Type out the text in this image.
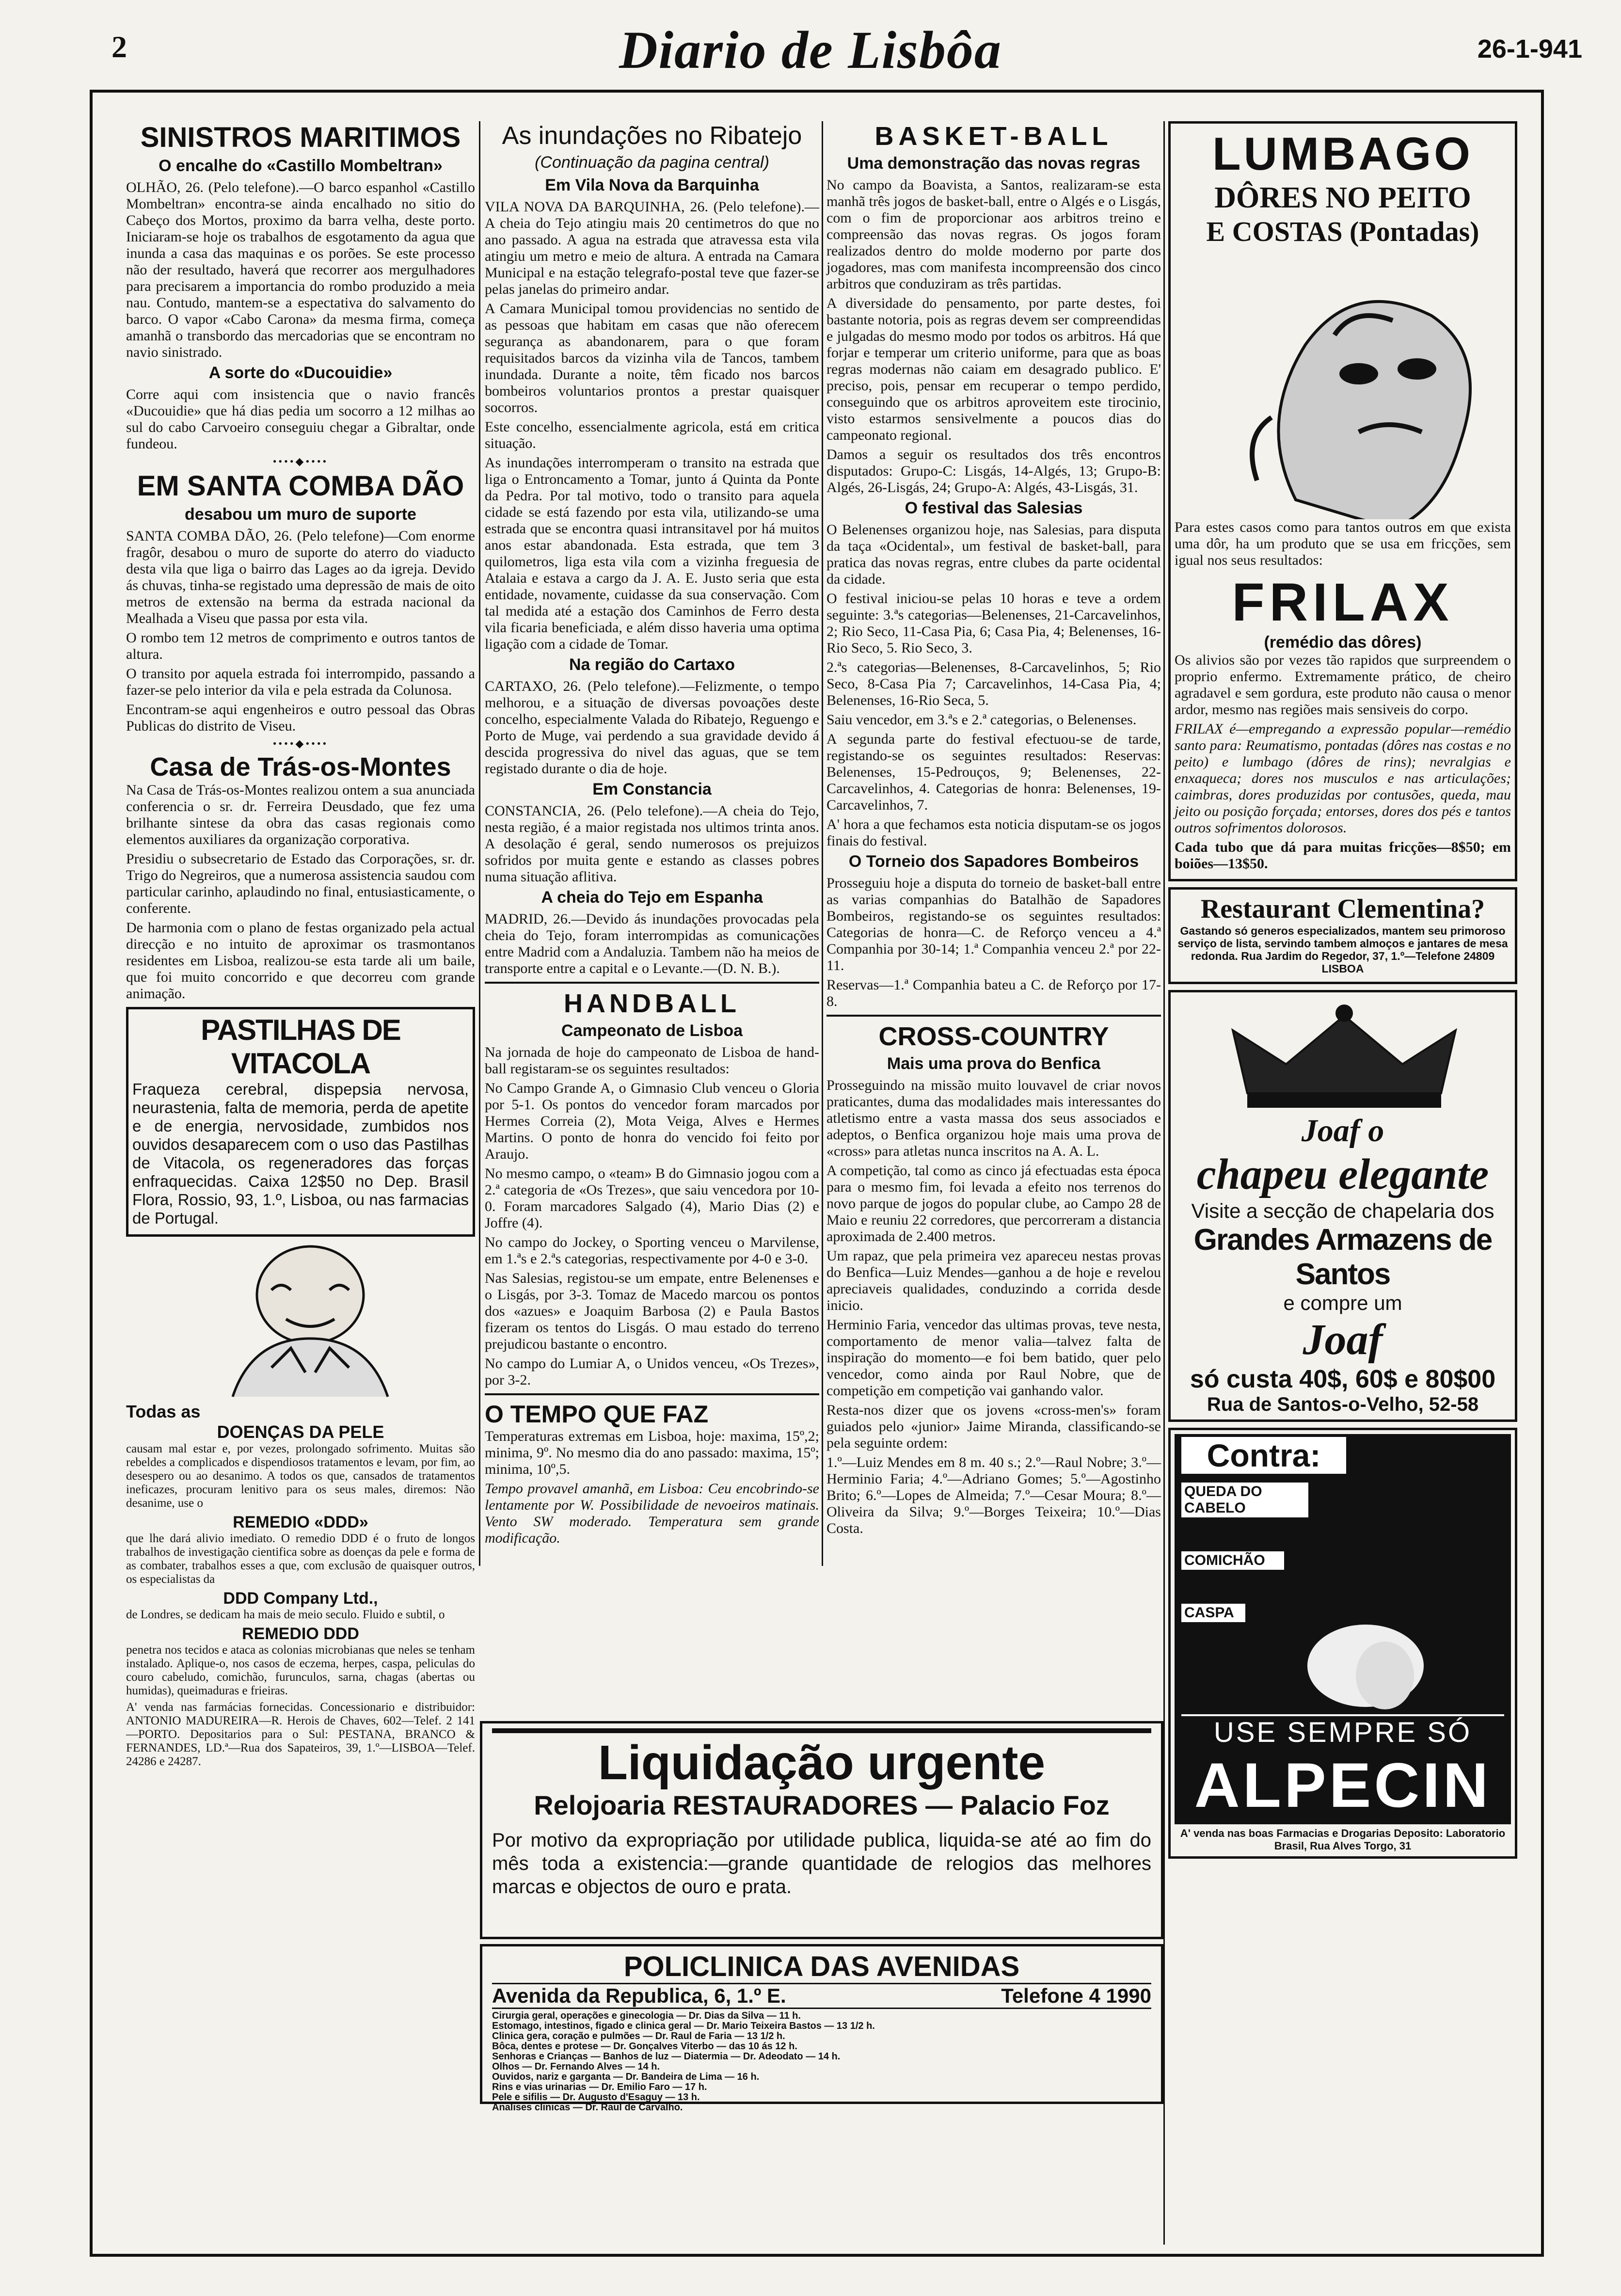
2	Diario de Lisbôa	26-1-941
SINISTROS MARITIMOS
O encalhe do «Castillo Mombeltran»

OLHÃO, 26. (Pelo telefone).—O barco espanhol «Castillo Mombeltran» encontra-se ainda encalhado no sitio do Cabeço dos Mortos, proximo da barra velha, deste porto. Iniciaram-se hoje os trabalhos de esgotamento da agua que inunda a casa das maquinas e os porões. Se este processo não der resultado, haverá que recorrer aos mergulhadores para precisarem a importancia do rombo produzido a meia nau. Contudo, mantem-se a espectativa do salvamento do barco. O vapor «Cabo Carona» da mesma firma, começa amanhã o transbordo das mercadorias que se encontram no navio sinistrado.

A sorte do «Ducouidie»

Corre aqui com insistencia que o navio francês «Ducouidie» que há dias pedia um socorro a 12 milhas ao sul do cabo Carvoeiro conseguiu chegar a Gibraltar, onde fundeou.

••••◆••••
EM SANTA COMBA DÃO
desabou um muro de suporte

SANTA COMBA DÃO, 26. (Pelo telefone)—Com enorme fragôr, desabou o muro de suporte do aterro do viaducto desta vila que liga o bairro das Lages ao da igreja. Devido ás chuvas, tinha-se registado uma depressão de mais de oito metros de extensão na berma da estrada nacional da Mealhada a Viseu que passa por esta vila.

O rombo tem 12 metros de comprimento e outros tantos de altura.

O transito por aquela estrada foi interrompido, passando a fazer-se pelo interior da vila e pela estrada da Colunosa.

Encontram-se aqui engenheiros e outro pessoal das Obras Publicas do distrito de Viseu.

••••◆••••
Casa de Trás-os-Montes

Na Casa de Trás-os-Montes realizou ontem a sua anunciada conferencia o sr. dr. Ferreira Deusdado, que fez uma brilhante sintese da obra das casas regionais como elementos auxiliares da organização corporativa.

Presidiu o subsecretario de Estado das Corporações, sr. dr. Trigo do Negreiros, que a numerosa assistencia saudou com particular carinho, aplaudindo no final, entusiasticamente, o conferente.

De harmonia com o plano de festas organizado pela actual direcção e no intuito de aproximar os trasmontanos residentes em Lisboa, realizou-se esta tarde ali um baile, que foi muito concorrido e que decorreu com grande animação.

PASTILHAS DE VITACOLA

Fraqueza cerebral, dispepsia nervosa, neurastenia, falta de memoria, perda de apetite e de energia, nervosidade, zumbidos nos ouvidos desaparecem com o uso das Pastilhas de Vitacola, os regeneradores das forças enfraquecidas. Caixa 12$50 no Dep. Brasil Flora, Rossio, 93, 1.º, Lisboa, ou nas farmacias de Portugal.

Todas as
DOENÇAS DA PELE

causam mal estar e, por vezes, prolongado sofrimento. Muitas são rebeldes a complicados e dispendiosos tratamentos e levam, por fim, ao desespero ou ao desanimo. A todos os que, cansados de tratamentos ineficazes, procuram lenitivo para os seus males, diremos: Não desanime, use o

REMEDIO «DDD»

que lhe dará alivio imediato. O remedio DDD é o fruto de longos trabalhos de investigação cientifica sobre as doenças da pele e forma de as combater, trabalhos esses a que, com exclusão de quaisquer outros, os especialistas da

DDD Company Ltd.,

de Londres, se dedicam ha mais de meio seculo. Fluido e subtil, o

REMEDIO DDD

penetra nos tecidos e ataca as colonias microbianas que neles se tenham instalado. Aplique-o, nos casos de eczema, herpes, caspa, peliculas do couro cabeludo, comichão, furunculos, sarna, chagas (abertas ou humidas), queimaduras e frieiras.

A' venda nas farmácias fornecidas. Concessionario e distribuidor: ANTONIO MADUREIRA—R. Herois de Chaves, 602—Telef. 2 141—PORTO. Depositarios para o Sul: PESTANA, BRANCO & FERNANDES, LD.ª—Rua dos Sapateiros, 39, 1.º—LISBOA—Telef. 24286 e 24287.

As inundações no Ribatejo
(Continuação da pagina central)
Em Vila Nova da Barquinha

VILA NOVA DA BARQUINHA, 26. (Pelo telefone).—A cheia do Tejo atingiu mais 20 centimetros do que no ano passado. A agua na estrada que atravessa esta vila atingiu um metro e meio de altura. A entrada na Camara Municipal e na estação telegrafo-postal teve que fazer-se pelas janelas do primeiro andar.

A Camara Municipal tomou providencias no sentido de as pessoas que habitam em casas que não oferecem segurança as abandonarem, para o que foram requisitados barcos da vizinha vila de Tancos, tambem inundada. Durante a noite, têm ficado nos barcos bombeiros voluntarios prontos a prestar quaisquer socorros.

Este concelho, essencialmente agricola, está em critica situação.

As inundações interromperam o transito na estrada que liga o Entroncamento a Tomar, junto á Quinta da Ponte da Pedra. Por tal motivo, todo o transito para aquela cidade se está fazendo por esta vila, utilizando-se uma estrada que se encontra quasi intransitavel por há muitos anos estar abandonada. Esta estrada, que tem 3 quilometros, liga esta vila com a vizinha freguesia de Atalaia e estava a cargo da J. A. E. Justo seria que esta entidade, novamente, cuidasse da sua conservação. Com tal medida até a estação dos Caminhos de Ferro desta vila ficaria beneficiada, e além disso haveria uma optima ligação com a cidade de Tomar.

Na região do Cartaxo

CARTAXO, 26. (Pelo telefone).—Felizmente, o tempo melhorou, e a situação de diversas povoações deste concelho, especialmente Valada do Ribatejo, Reguengo e Porto de Muge, vai perdendo a sua gravidade devido á descida progressiva do nivel das aguas, que se tem registado durante o dia de hoje.

Em Constancia

CONSTANCIA, 26. (Pelo telefone).—A cheia do Tejo, nesta região, é a maior registada nos ultimos trinta anos. A desolação é geral, sendo numerosos os prejuizos sofridos por muita gente e estando as classes pobres numa situação aflitiva.

A cheia do Tejo em Espanha

MADRID, 26.—Devido ás inundações provocadas pela cheia do Tejo, foram interrompidas as comunicações entre Madrid com a Andaluzia. Tambem não ha meios de transporte entre a capital e o Levante.—(D. N. B.).

HANDBALL
Campeonato de Lisboa

Na jornada de hoje do campeonato de Lisboa de hand-ball registaram-se os seguintes resultados:

No Campo Grande A, o Gimnasio Club venceu o Gloria por 5-1. Os pontos do vencedor foram marcados por Hermes Correia (2), Mota Veiga, Alves e Hermes Martins. O ponto de honra do vencido foi feito por Araujo.

No mesmo campo, o «team» B do Gimnasio jogou com a 2.ª categoria de «Os Trezes», que saiu vencedora por 10-0. Foram marcadores Salgado (4), Mario Dias (2) e Joffre (4).

No campo do Jockey, o Sporting venceu o Marvilense, em 1.ªs e 2.ªs categorias, respectivamente por 4-0 e 3-0.

Nas Salesias, registou-se um empate, entre Belenenses e o Lisgás, por 3-3. Tomaz de Macedo marcou os pontos dos «azues» e Joaquim Barbosa (2) e Paula Bastos fizeram os tentos do Lisgás. O mau estado do terreno prejudicou bastante o encontro.

No campo do Lumiar A, o Unidos venceu, «Os Trezes», por 3-2.

O TEMPO QUE FAZ

Temperaturas extremas em Lisboa, hoje: maxima, 15º,2; minima, 9º. No mesmo dia do ano passado: maxima, 15º; minima, 10º,5.

Tempo provavel amanhã, em Lisboa: Ceu encobrindo-se lentamente por W. Possibilidade de nevoeiros matinais. Vento SW moderado. Temperatura sem grande modificação.

BASKET-BALL
Uma demonstração das novas regras

No campo da Boavista, a Santos, realizaram-se esta manhã três jogos de basket-ball, entre o Algés e o Lisgás, com o fim de proporcionar aos arbitros treino e compreensão das novas regras. Os jogos foram realizados dentro do molde moderno por parte dos jogadores, mas com manifesta incompreensão dos cinco arbitros que conduziram as três partidas.

A diversidade do pensamento, por parte destes, foi bastante notoria, pois as regras devem ser compreendidas e julgadas do mesmo modo por todos os arbitros. Há que forjar e temperar um criterio uniforme, para que as boas regras modernas não caiam em desagrado publico. E' preciso, pois, pensar em recuperar o tempo perdido, conseguindo que os arbitros aproveitem este tirocinio, visto estarmos sensivelmente a poucos dias do campeonato regional.

Damos a seguir os resultados dos três encontros disputados: Grupo-C: Lisgás, 14-Algés, 13; Grupo-B: Algés, 26-Lisgás, 24; Grupo-A: Algés, 43-Lisgás, 31.

O festival das Salesias

O Belenenses organizou hoje, nas Salesias, para disputa da taça «Ocidental», um festival de basket-ball, para pratica das novas regras, entre clubes da parte ocidental da cidade.

O festival iniciou-se pelas 10 horas e teve a ordem seguinte: 3.ªs categorias—Belenenses, 21-Carcavelinhos, 2; Rio Seco, 11-Casa Pia, 6; Casa Pia, 4; Belenenses, 16-Rio Seco, 5. Rio Seco, 3.

2.ªs categorias—Belenenses, 8-Carcavelinhos, 5; Rio Seco, 8-Casa Pia 7; Carcavelinhos, 14-Casa Pia, 4; Belenenses, 16-Rio Seca, 5.

Saiu vencedor, em 3.ªs e 2.ª categorias, o Belenenses.

A segunda parte do festival efectuou-se de tarde, registando-se os seguintes resultados: Reservas: Belenenses, 15-Pedrouços, 9; Belenenses, 22-Carcavelinhos, 4. Categorias de honra: Belenenses, 19-Carcavelinhos, 7.

A' hora a que fechamos esta noticia disputam-se os jogos finais do festival.

O Torneio dos Sapadores Bombeiros

Prosseguiu hoje a disputa do torneio de basket-ball entre as varias companhias do Batalhão de Sapadores Bombeiros, registando-se os seguintes resultados: Categorias de honra—C. de Reforço venceu a 4.ª Companhia por 30-14; 1.ª Companhia venceu 2.ª por 22-11.

Reservas—1.ª Companhia bateu a C. de Reforço por 17-8.

CROSS-COUNTRY
Mais uma prova do Benfica

Prosseguindo na missão muito louvavel de criar novos praticantes, duma das modalidades mais interessantes do atletismo entre a vasta massa dos seus associados e adeptos, o Benfica organizou hoje mais uma prova de «cross» para atletas nunca inscritos na A. A. L.

A competição, tal como as cinco já efectuadas esta época para o mesmo fim, foi levada a efeito nos terrenos do novo parque de jogos do popular clube, ao Campo 28 de Maio e reuniu 22 corredores, que percorreram a distancia aproximada de 2.400 metros.

Um rapaz, que pela primeira vez apareceu nestas provas do Benfica—Luiz Mendes—ganhou a de hoje e revelou apreciaveis qualidades, conduzindo a corrida desde inicio.

Herminio Faria, vencedor das ultimas provas, teve nesta, comportamento de menor valia—talvez falta de inspiração do momento—e foi bem batido, quer pelo vencedor, como ainda por Raul Nobre, que de competição em competição vai ganhando valor.

Resta-nos dizer que os jovens «cross-men's» foram guiados pelo «junior» Jaime Miranda, classificando-se pela seguinte ordem:

1.º—Luiz Mendes em 8 m. 40 s.; 2.º—Raul Nobre; 3.º—Herminio Faria; 4.º—Adriano Gomes; 5.º—Agostinho Brito; 6.º—Lopes de Almeida; 7.º—Cesar Moura; 8.º—Oliveira da Silva; 9.º—Borges Teixeira; 10.º—Dias Costa.

Liquidação urgente
Relojoaria RESTAURADORES — Palacio Foz

Por motivo da expropriação por utilidade publica, liquida-se até ao fim do mês toda a existencia:—grande quantidade de relogios das melhores marcas e objectos de ouro e prata.

POLICLINICA DAS AVENIDAS
Avenida da Republica, 6, 1.º E.	Telefone 4 1990
Cirurgia geral, operações e ginecologia — Dr. Dias da Silva — 11 h.
Estomago, intestinos, figado e clinica geral — Dr. Mario Teixeira Bastos — 13 1/2 h.
Clinica gera, coração e pulmões — Dr. Raul de Faria — 13 1/2 h.
Bôca, dentes e protese — Dr. Gonçalves Viterbo — das 10 ás 12 h.
Senhoras e Crianças — Banhos de luz — Diatermia — Dr. Adeodato — 14 h.
Olhos — Dr. Fernando Alves — 14 h.
Ouvidos, nariz e garganta — Dr. Bandeira de Lima — 16 h.
Rins e vias urinarias — Dr. Emilio Faro — 17 h.
Pele e sifilis — Dr. Augusto d'Esaguy — 13 h.
Analises clinicas — Dr. Raul de Carvalho.
LUMBAGO
DÔRES NO PEITO
E COSTAS (Pontadas)

Para estes casos como para tantos outros em que exista uma dôr, ha um produto que se usa em fricções, sem igual nos seus resultados:

FRILAX
(remédio das dôres)

Os alivios são por vezes tão rapidos que surpreendem o proprio enfermo. Extremamente prático, de cheiro agradavel e sem gordura, este produto não causa o menor ardor, mesmo nas regiões mais sensiveis do corpo.

FRILAX é—empregando a expressão popular—remédio santo para: Reumatismo, pontadas (dôres nas costas e no peito) e lumbago (dôres de rins); nevralgias e enxaqueca; dores nos musculos e nas articulações; caimbras, dores produzidas por contusões, queda, mau jeito ou posição forçada; entorses, dores dos pés e tantos outros sofrimentos dolorosos.

Cada tubo que dá para muitas fricções—8$50; em boiões—13$50.

Restaurant Clementina?

Gastando só generos especializados, mantem seu primoroso serviço de lista, servindo tambem almoços e jantares de mesa redonda. Rua Jardim do Regedor, 37, 1.º—Telefone 24809 LISBOA

Joaf o
chapeu elegante
Visite a secção de chapelaria dos
Grandes Armazens de Santos
e compre um
Joaf
só custa 40$, 60$ e 80$00
Rua de Santos-o-Velho, 52-58
Contra:
QUEDA DO CABELO
COMICHÃO
CASPA
USE SEMPRE SÓ
ALPECIN

A' venda nas boas Farmacias e Drogarias Deposito: Laboratorio Brasil, Rua Alves Torgo, 31
